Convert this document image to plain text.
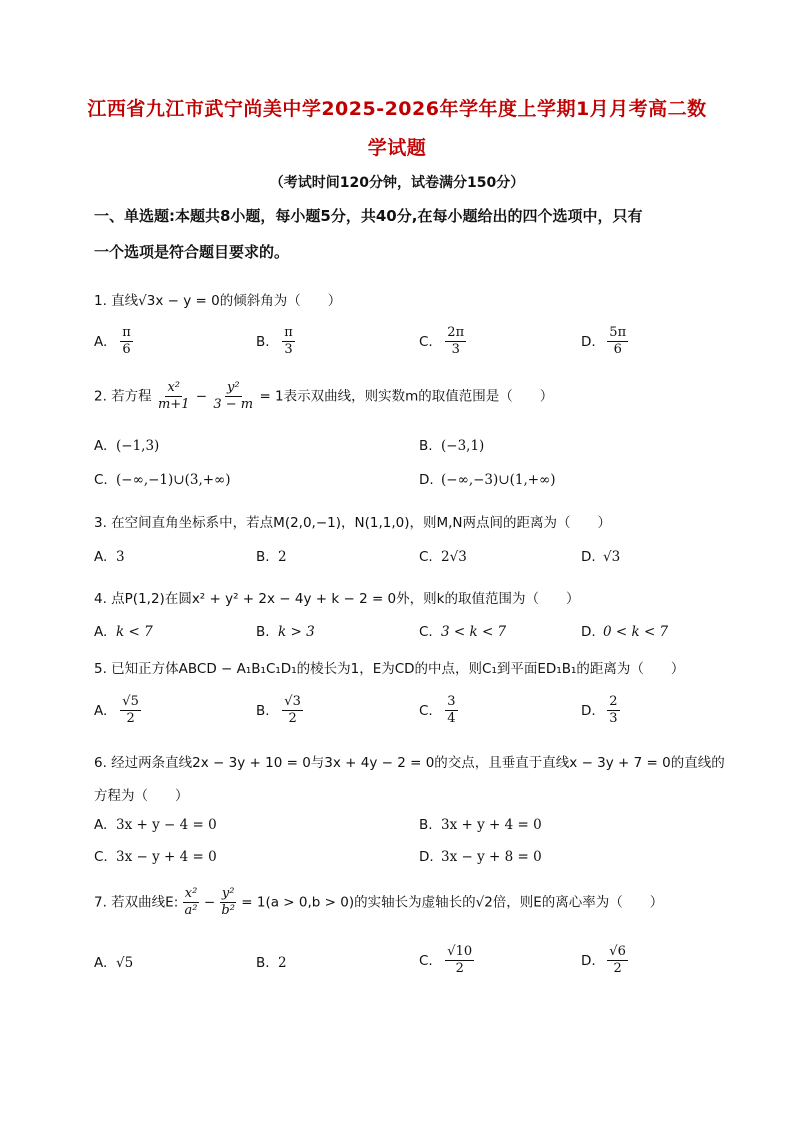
江西省九江市武宁尚美中学2025-2026年学年度上学期1月月考高二数
学试题
（考试时间120分钟，试卷满分150分）
一、单选题:本题共8小题，每小题5分，共40分,在每小题给出的四个选项中，只有
一个选项是符合题目要求的。
1. 直线√3x − y = 0的倾斜角为（　　）
A. $\frac{\pi}{6}$	B. $\frac{\pi}{3}$	C. $\frac{2\pi}{3}$	D. $\frac{5\pi}{6}$
2. 若方程 $\frac{\text{x²}}{m+1} - \frac{\text{y²}}{3 - m} = 1$表示双曲线，则实数m的取值范围是（　　）
A. (−1,3)	B. (−3,1)
C. (−∞,−1)∪(3,+∞)	D. (−∞,−3)∪(1,+∞)
3. 在空间直角坐标系中，若点M(2,0,−1)，N(1,1,0)，则M,N两点间的距离为（　　）
A. 3	B. 2	C. 2√3	D. √3
4. 点P(1,2)在圆x² + y² + 2x − 4y + k − 2 = 0外，则k的取值范围为（　　）
A. k < 7	B. k > 3	C. 3 < k < 7	D. 0 < k < 7
5. 已知正方体ABCD − A₁B₁C₁D₁的棱长为1，E为CD的中点，则C₁到平面ED₁B₁的距离为（　　）
A. $\frac{√5}{2}$	B. $\frac{√3}{2}$	C. $\frac{3}{4}$	D. $\frac{2}{3}$
6. 经过两条直线2x − 3y + 10 = 0与3x + 4y − 2 = 0的交点，且垂直于直线x − 3y + 7 = 0的直线的
方程为（　　）
A. 3x + y − 4 = 0	B. 3x + y + 4 = 0
C. 3x − y + 4 = 0	D. 3x − y + 8 = 0
7. 若双曲线E: $\frac{\text{x²}}{\text{a²}} - \frac{\text{y²}}{\text{b²}} = 1(a > 0,b > 0)$的实轴长为虚轴长的√2倍，则E的离心率为（　　）
A. √5	B. 2	C. $\frac{√10}{2}$	D. $\frac{√6}{2}$
